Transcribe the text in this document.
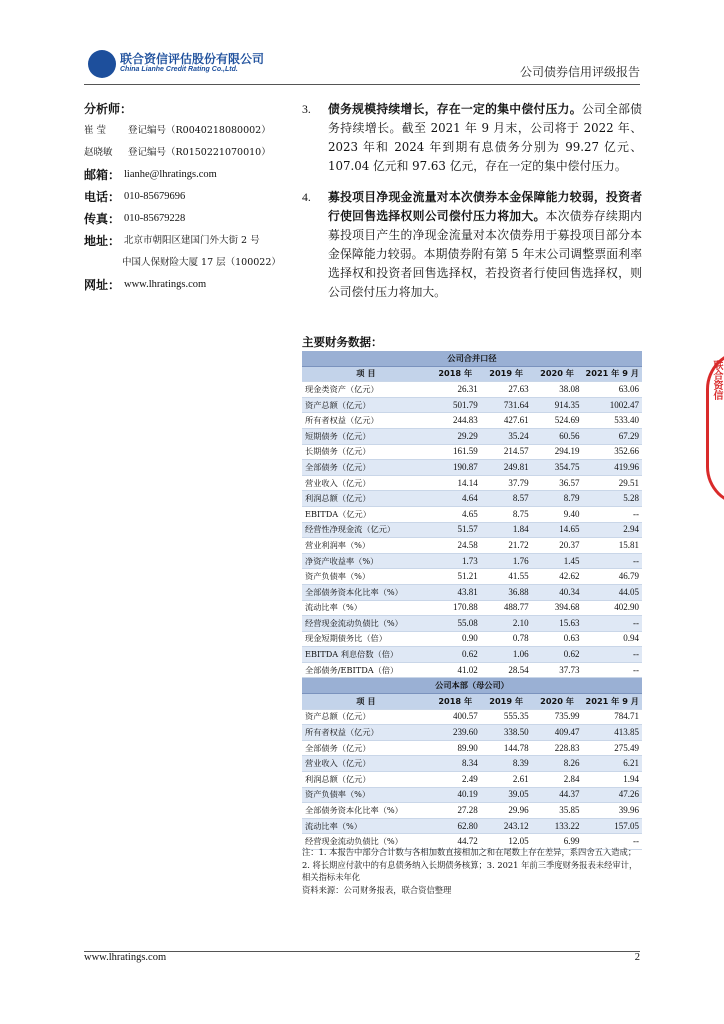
联合资信评估股份有限公司
China Lianhe Credit Rating Co.,Ltd.	公司债券信用评级报告
分析师：
崔 莹	登记编号（R0040218080002）
赵晓敏	登记编号（R0150221070010）
邮箱： lianhe@lhratings.com
电话： 010-85679696
传真： 010-85679228
地址： 北京市朝阳区建国门外大街 2 号
中国人保财险大厦 17 层（100022）
网址： www.lhratings.com
3. 债务规模持续增长，存在一定的集中偿付压力。公司全部债务持续增长。截至 2021 年 9 月末，公司将于 2022 年、2023 年和 2024 年到期有息债务分别为 99.27 亿元、107.04 亿元和 97.63 亿元，存在一定的集中偿付压力。
4. 募投项目净现金流量对本次债券本金保障能力较弱，投资者行使回售选择权则公司偿付压力将加大。本次债券存续期内募投项目产生的净现金流量对本次债券用于募投项目部分本金保障能力较弱。本期债券附有第 5 年末公司调整票面利率选择权和投资者回售选择权，若投资者行使回售选择权，则公司偿付压力将加大。
主要财务数据：
公司合并口径				
项 目	2018 年	2019 年	2020 年	2021 年 9 月
现金类资产（亿元）	26.31	27.63	38.08	63.06
资产总额（亿元）	501.79	731.64	914.35	1002.47
所有者权益（亿元）	244.83	427.61	524.69	533.40
短期债务（亿元）	29.29	35.24	60.56	67.29
长期债务（亿元）	161.59	214.57	294.19	352.66
全部债务（亿元）	190.87	249.81	354.75	419.96
营业收入（亿元）	14.14	37.79	36.57	29.51
利润总额（亿元）	4.64	8.57	8.79	5.28
EBITDA（亿元）	4.65	8.75	9.40	--
经营性净现金流（亿元）	51.57	1.84	14.65	2.94
营业利润率（%）	24.58	21.72	20.37	15.81
净资产收益率（%）	1.73	1.76	1.45	--
资产负债率（%）	51.21	41.55	42.62	46.79
全部债务资本化比率（%）	43.81	36.88	40.34	44.05
流动比率（%）	170.88	488.77	394.68	402.90
经营现金流动负债比（%）	55.08	2.10	15.63	--
现金短期债务比（倍）	0.90	0.78	0.63	0.94
EBITDA 利息倍数（倍）	0.62	1.06	0.62	--
全部债务/EBITDA（倍）	41.02	28.54	37.73	--
公司本部（母公司）				
项 目	2018 年	2019 年	2020 年	2021 年 9 月
资产总额（亿元）	400.57	555.35	735.99	784.71
所有者权益（亿元）	239.60	338.50	409.47	413.85
全部债务（亿元）	89.90	144.78	228.83	275.49
营业收入（亿元）	8.34	8.39	8.26	6.21
利润总额（亿元）	2.49	2.61	2.84	1.94
资产负债率（%）	40.19	39.05	44.37	47.26
全部债务资本化比率（%）	27.28	29.96	35.85	39.96
流动比率（%）	62.80	243.12	133.22	157.05
经营现金流动负债比（%）	44.72	12.05	6.99	--
注：1. 本报告中部分合计数与各相加数直接相加之和在尾数上存在差异，系四舍五入造成；2. 将长期应付款中的有息债务纳入长期债务核算；3. 2021 年前三季度财务报表未经审计，相关指标未年化
资料来源：公司财务报表，联合资信整理
联合资信
www.lhratings.com	2
